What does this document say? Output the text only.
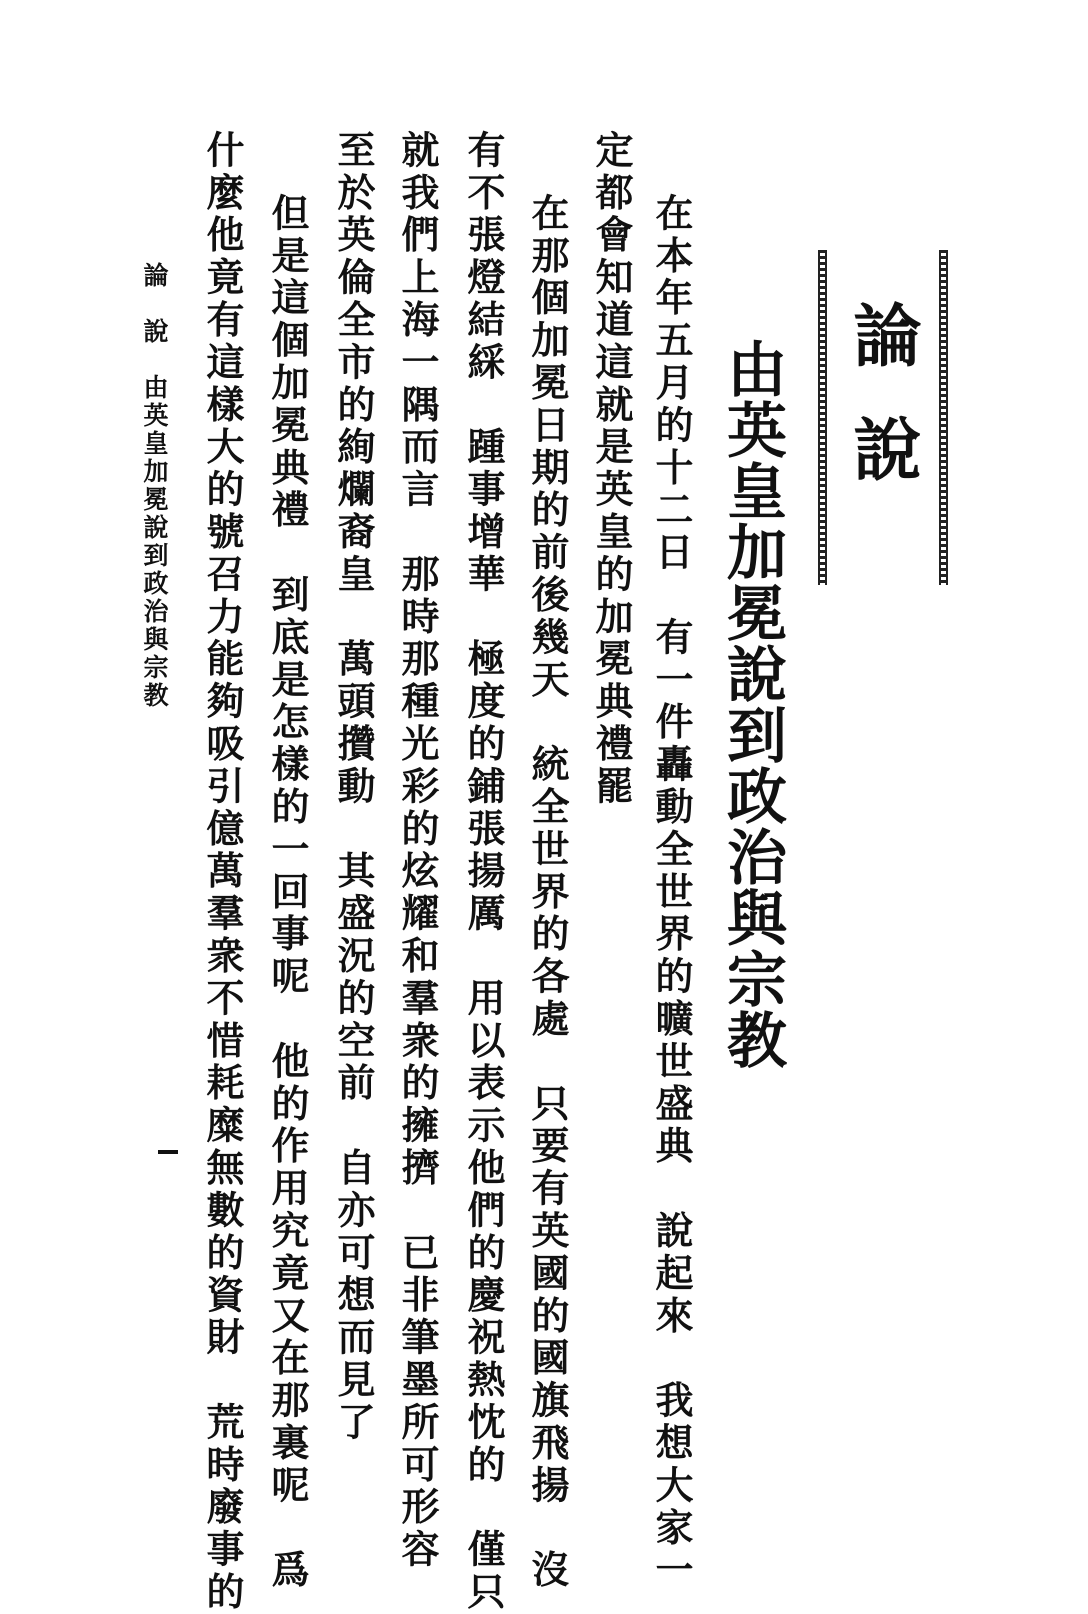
論說
由英皇加冕說到政治與宗教
在本年五月的十二日　有一件轟動全世界的曠世盛典　說起來　我想大家一
定都會知道這就是英皇的加冕典禮罷
在那個加冕日期的前後幾天　統全世界的各處　只要有英國的國旗飛揚　沒
有不張燈結綵　踵事增華　極度的鋪張揚厲　用以表示他們的慶祝熱忱的　僅只
就我們上海一隅而言　那時那種光彩的炫耀和羣衆的擁擠　已非筆墨所可形容
至於英倫全市的絢爛裔皇　萬頭攢動　其盛況的空前　自亦可想而見了
但是這個加冕典禮　到底是怎樣的一回事呢　他的作用究竟又在那裏呢　爲
什麼他竟有這樣大的號召力能夠吸引億萬羣衆不惜耗糜無數的資財　荒時廢事的
論　說　由英皇加冕說到政治與宗教
